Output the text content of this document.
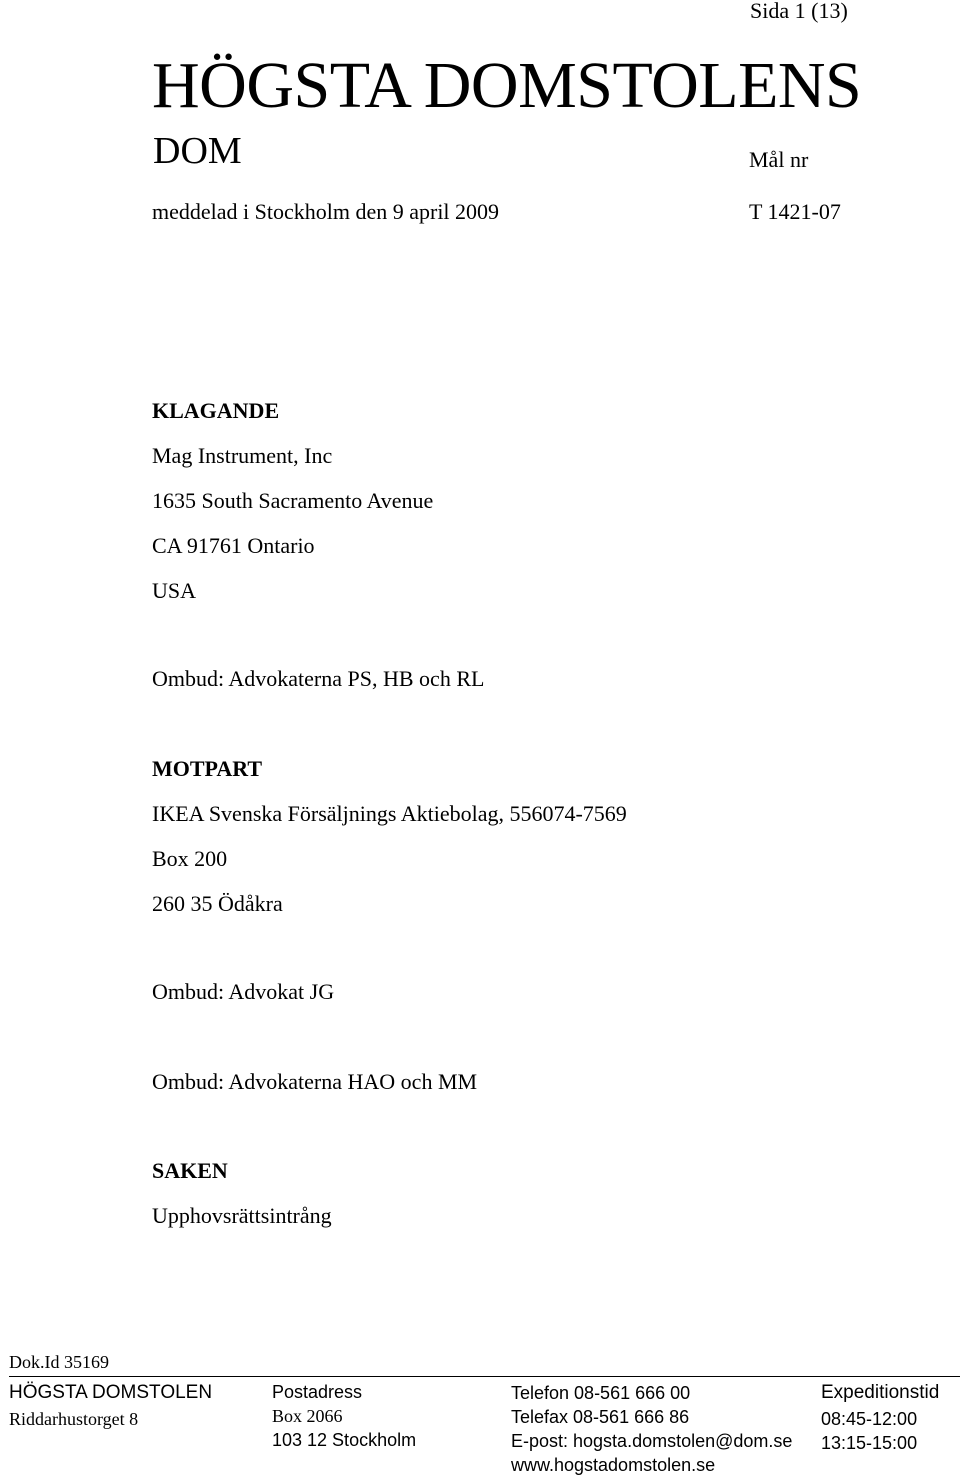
Sida 1 (13)
HÖGSTA DOMSTOLENS
DOM	Mål nr
meddelad i Stockholm den 9 april 2009	T 1421-07
KLAGANDE
Mag Instrument, Inc
1635 South Sacramento Avenue
CA 91761 Ontario
USA
Ombud: Advokaterna PS, HB och RL
MOTPART
IKEA Svenska Försäljnings Aktiebolag, 556074-7569
Box 200
260 35 Ödåkra
Ombud: Advokat JG
Ombud: Advokaterna HAO och MM
SAKEN
Upphovsrättsintrång
Dok.Id 35169
HÖGSTA DOMSTOLEN
Riddarhustorget 8
Postadress
Box 2066
103 12 Stockholm
Telefon 08-561 666 00
Telefax 08-561 666 86
E-post: hogsta.domstolen@dom.se
www.hogstadomstolen.se
Expeditionstid
08:45-12:00
13:15-15:00
